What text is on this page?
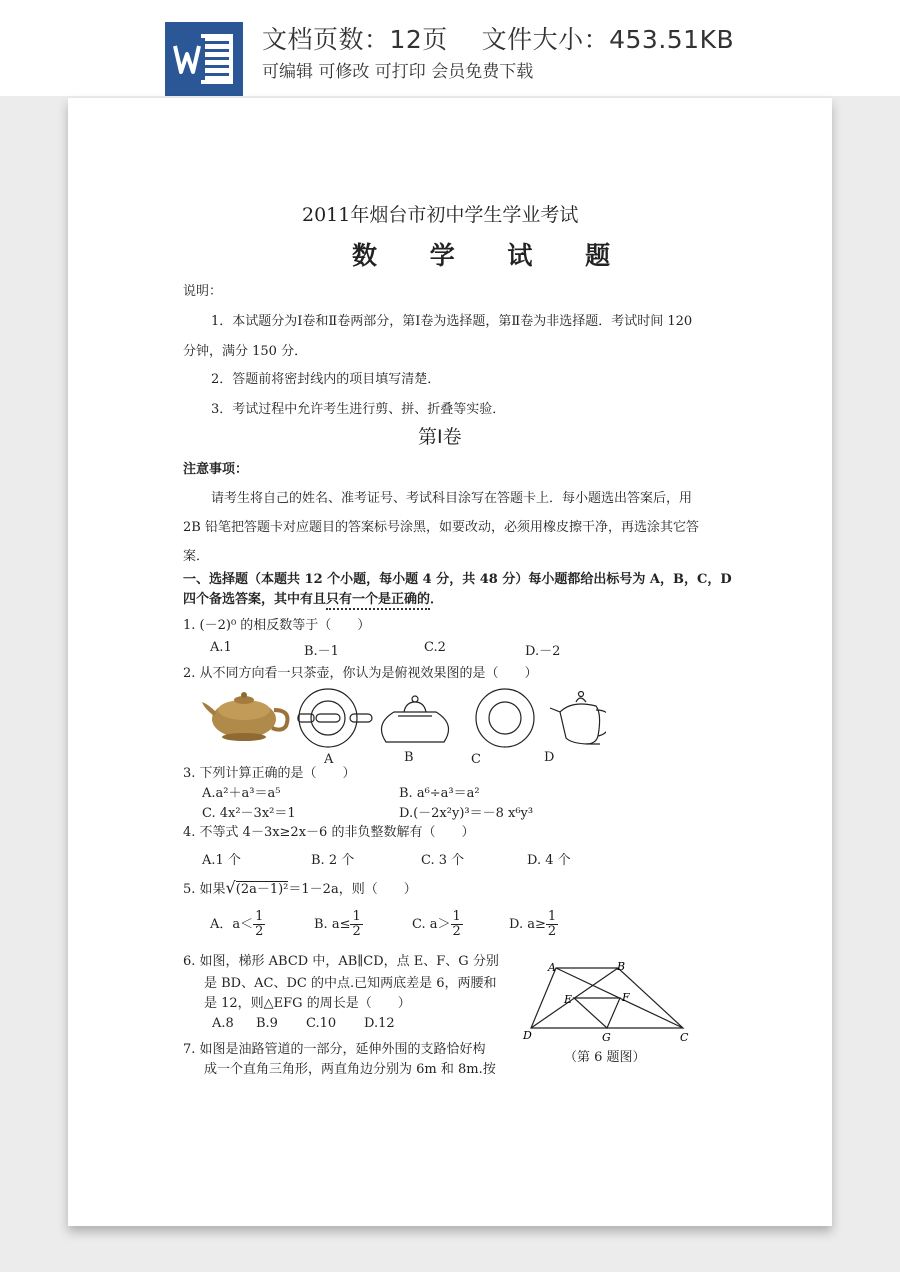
文档页数：12页 文件大小：453.51KB
可编辑 可修改 可打印 会员免费下载
2011年烟台市初中学生学业考试
数 学 试 题
说明：
1．本试题分为Ⅰ卷和Ⅱ卷两部分，第Ⅰ卷为选择题，第Ⅱ卷为非选择题．考试时间 120
分钟，满分 150 分．
2．答题前将密封线内的项目填写清楚．
3．考试过程中允许考生进行剪、拼、折叠等实验．
第Ⅰ卷
注意事项：
请考生将自己的姓名、准考证号、考试科目涂写在答题卡上．每小题选出答案后，用
2B 铅笔把答题卡对应题目的答案标号涂黑，如要改动，必须用橡皮擦干净，再选涂其它答
案．
一、选择题（本题共 12 个小题，每小题 4 分，共 48 分）每小题都给出标号为 A，B，C，D
四个备选答案，其中有且只有一个是正确的．
1. (－2)⁰ 的相反数等于（　　）
A.1	B.－1	C.2	D.－2
2. 从不同方向看一只茶壶，你认为是俯视效果图的是（　　）
A	B	C	D
3. 下列计算正确的是（　　）
A.a²＋a³＝a⁵	B. a⁶÷a³＝a²
C. 4x²－3x²＝1	D.(－2x²y)³＝－8 x⁶y³
4. 不等式 4－3x≥2x－6 的非负整数解有（　　）
A.1 个	B. 2 个	C. 3 个	D. 4 个
5. 如果√(2a－1)²＝1－2a，则（　　）
A．$a< \frac{1}{2}$	B. $a\le \frac{1}{2}$	C. $a> \frac{1}{2}$	D. $a\ge \frac{1}{2}$
6. 如图，梯形 ABCD 中，AB∥CD，点 E、F、G 分别
是 BD、AC、DC 的中点.已知两底差是 6，两腰和
是 12，则△EFG 的周长是（　　）
A.8 B.9 C.10 D.12
A	B
E	F
D	G	C
（第 6 题图）
7. 如图是油路管道的一部分，延伸外围的支路恰好构
成一个直角三角形，两直角边分别为 6m 和 8m.按
